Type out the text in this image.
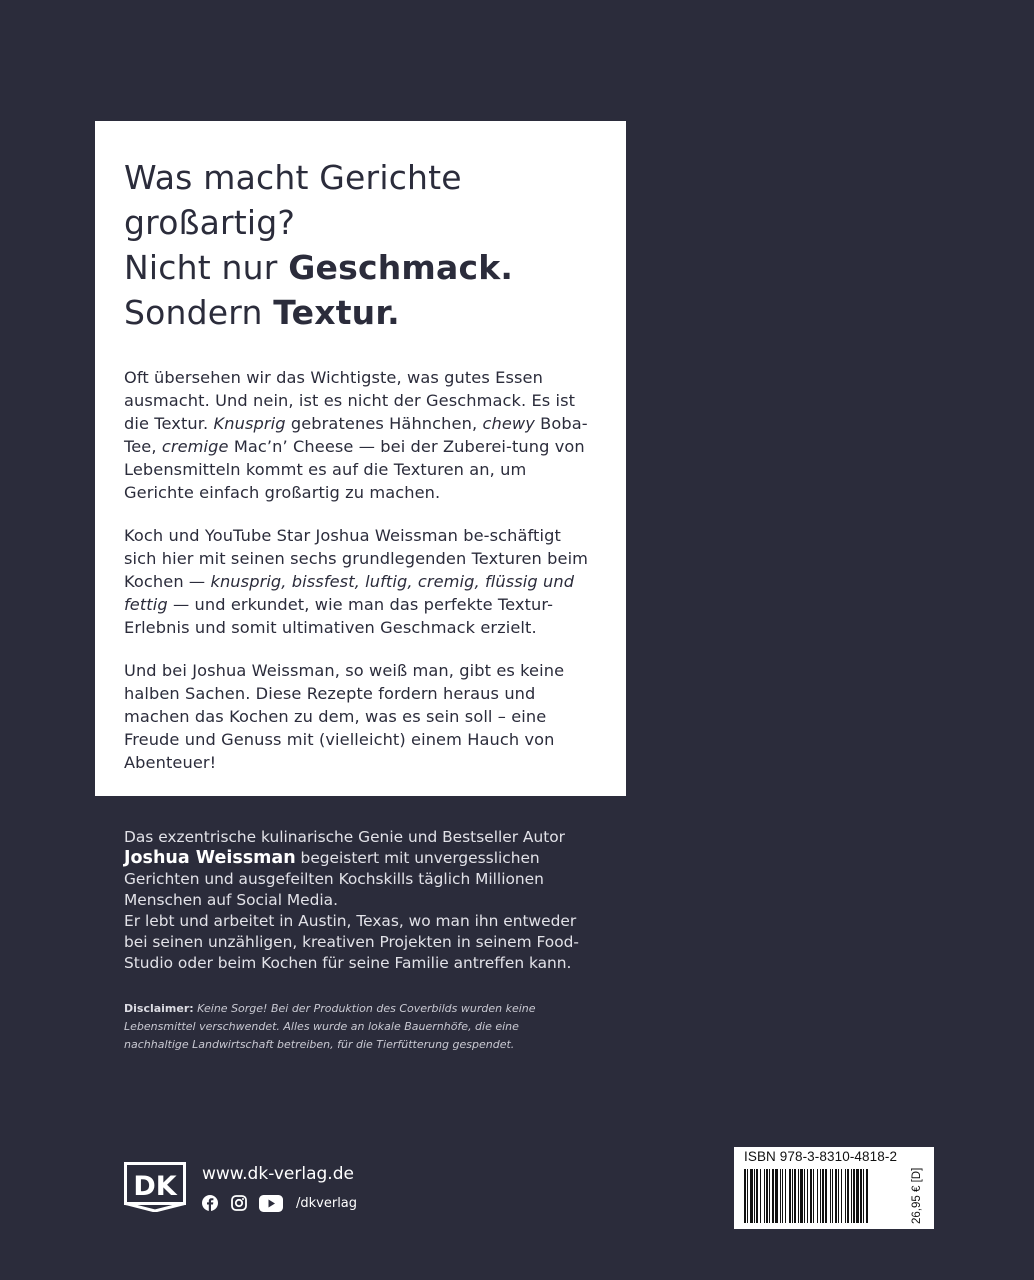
Was macht Gerichte großartig?
Nicht nur Geschmack.
Sondern Textur.

Oft übersehen wir das Wichtigste, was gutes Essen ausmacht. Und nein, ist es nicht der Geschmack. Es ist die Textur. Knusprig gebratenes Hähnchen, chewy Boba-Tee, cremige Mac’n’ Cheese — bei der Zuberei-tung von Lebensmitteln kommt es auf die Texturen an, um Gerichte einfach großartig zu machen.

Koch und YouTube Star Joshua Weissman be-schäftigt sich hier mit seinen sechs grundlegenden Texturen beim Kochen — knusprig, bissfest, luftig, cremig, flüssig und fettig — und erkundet, wie man das perfekte Textur-Erlebnis und somit ultimativen Geschmack erzielt.

Und bei Joshua Weissman, so weiß man, gibt es keine halben Sachen. Diese Rezepte fordern heraus und machen das Kochen zu dem, was es sein soll – eine Freude und Genuss mit (vielleicht) einem Hauch von Abenteuer!

Das exzentrische kulinarische Genie und Bestseller Autor
Joshua Weissman begeistert mit unvergesslichen Gerichten und ausgefeilten Kochskills täglich Millionen Menschen auf Social Media.
Er lebt und arbeitet in Austin, Texas, wo man ihn entweder bei seinen unzähligen, kreativen Projekten in seinem Food-Studio oder beim Kochen für seine Familie antreffen kann.

Disclaimer: Keine Sorge! Bei der Produktion des Coverbilds wurden keine Lebensmittel verschwendet. Alles wurde an lokale Bauernhöfe, die eine nachhaltige Landwirtschaft betreiben, für die Tierfütterung gespendet.

DK www.dk-verlag.de
/dkverlag
ISBN 978-3-8310-4818-2
26,95 € [D]
